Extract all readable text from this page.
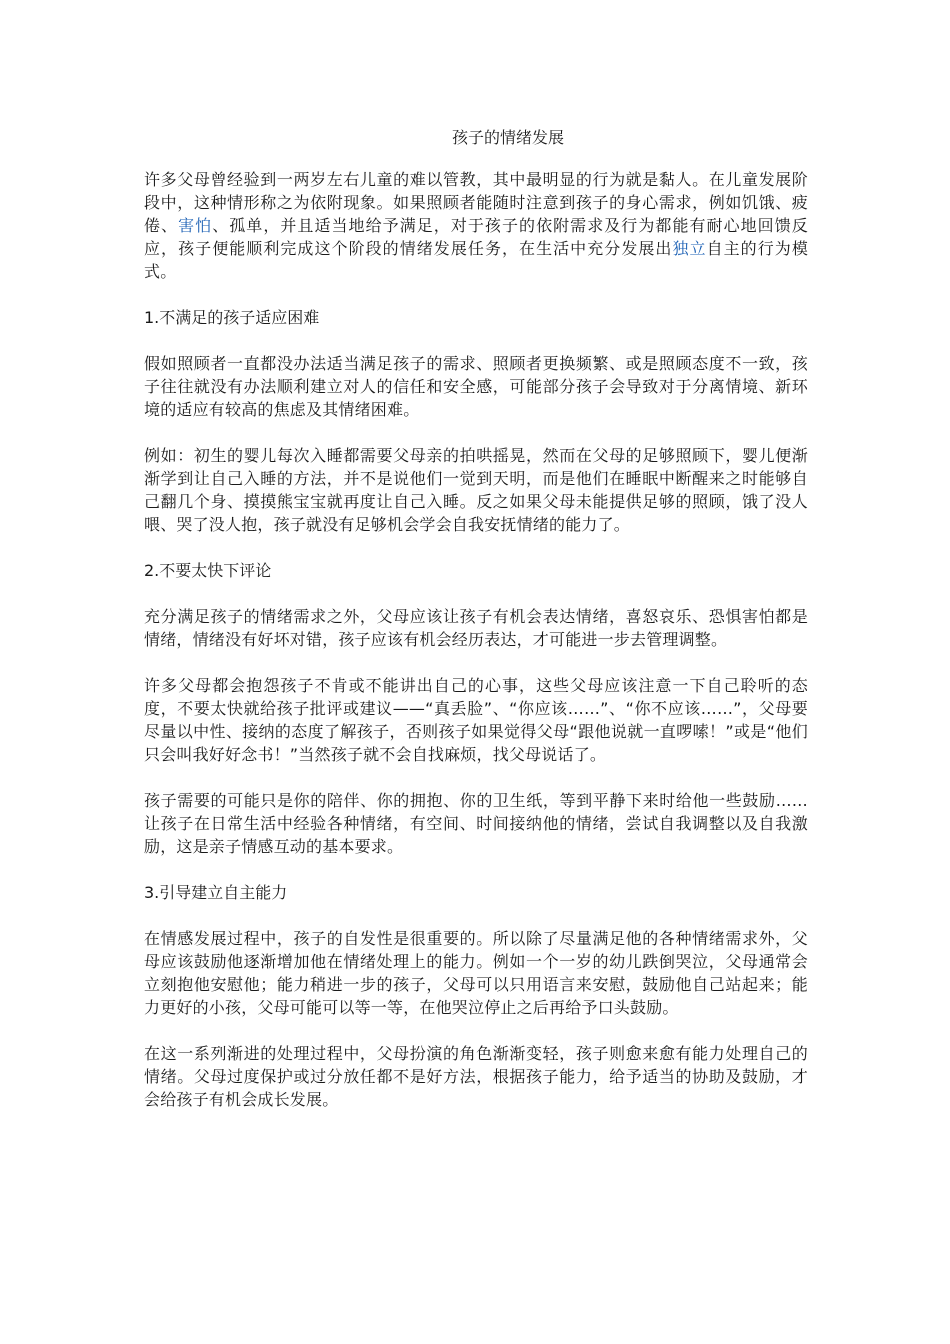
孩子的情绪发展

许多父母曾经验到一两岁左右儿童的难以管教，其中最明显的行为就是黏人。在儿童发展阶段中，这种情形称之为依附现象。如果照顾者能随时注意到孩子的身心需求，例如饥饿、疲倦、害怕、孤单，并且适当地给予满足，对于孩子的依附需求及行为都能有耐心地回馈反应，孩子便能顺利完成这个阶段的情绪发展任务，在生活中充分发展出独立自主的行为模式。

1.不满足的孩子适应困难

假如照顾者一直都没办法适当满足孩子的需求、照顾者更换频繁、或是照顾态度不一致，孩子往往就没有办法顺利建立对人的信任和安全感，可能部分孩子会导致对于分离情境、新环境的适应有较高的焦虑及其情绪困难。

例如：初生的婴儿每次入睡都需要父母亲的拍哄摇晃，然而在父母的足够照顾下，婴儿便渐渐学到让自己入睡的方法，并不是说他们一觉到天明，而是他们在睡眠中断醒来之时能够自己翻几个身、摸摸熊宝宝就再度让自己入睡。反之如果父母未能提供足够的照顾，饿了没人喂、哭了没人抱，孩子就没有足够机会学会自我安抚情绪的能力了。

2.不要太快下评论

充分满足孩子的情绪需求之外，父母应该让孩子有机会表达情绪，喜怒哀乐、恐惧害怕都是情绪，情绪没有好坏对错，孩子应该有机会经历表达，才可能进一步去管理调整。

许多父母都会抱怨孩子不肯或不能讲出自己的心事，这些父母应该注意一下自己聆听的态度，不要太快就给孩子批评或建议——“真丢脸”、“你应该……”、“你不应该……”，父母要尽量以中性、接纳的态度了解孩子，否则孩子如果觉得父母“跟他说就一直啰嗦！”或是“他们只会叫我好好念书！”当然孩子就不会自找麻烦，找父母说话了。

孩子需要的可能只是你的陪伴、你的拥抱、你的卫生纸，等到平静下来时给他一些鼓励……让孩子在日常生活中经验各种情绪，有空间、时间接纳他的情绪，尝试自我调整以及自我激励，这是亲子情感互动的基本要求。

3.引导建立自主能力

在情感发展过程中，孩子的自发性是很重要的。所以除了尽量满足他的各种情绪需求外，父母应该鼓励他逐渐增加他在情绪处理上的能力。例如一个一岁的幼儿跌倒哭泣，父母通常会立刻抱他安慰他；能力稍进一步的孩子，父母可以只用语言来安慰，鼓励他自己站起来；能力更好的小孩，父母可能可以等一等，在他哭泣停止之后再给予口头鼓励。

在这一系列渐进的处理过程中，父母扮演的角色渐渐变轻，孩子则愈来愈有能力处理自己的情绪。父母过度保护或过分放任都不是好方法，根据孩子能力，给予适当的协助及鼓励，才会给孩子有机会成长发展。
